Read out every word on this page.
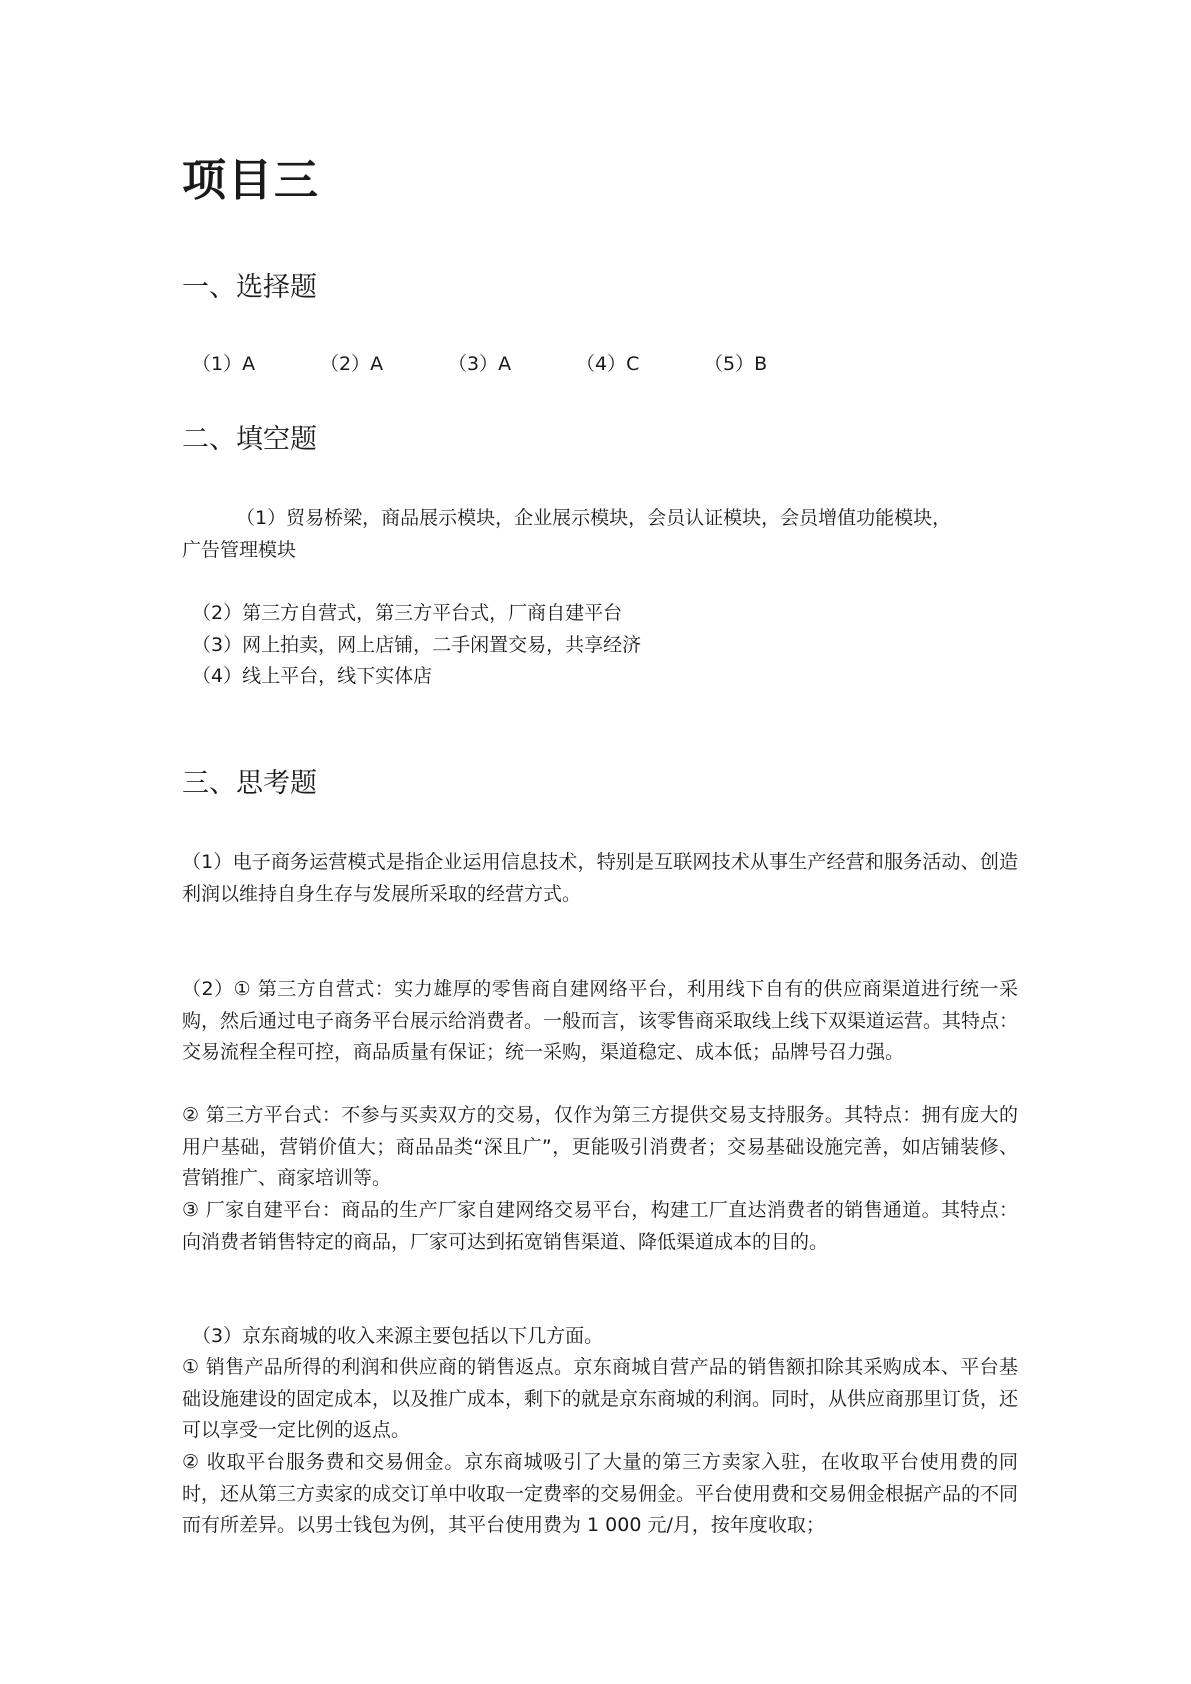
项目三
一、选择题
（1）A	（2）A	（3）A	（4）C	（5）B
二、填空题

（1）贸易桥梁，商品展示模块，企业展示模块，会员认证模块，会员增值功能模块，

广告管理模块

（2）第三方自营式，第三方平台式，厂商自建平台

（3）网上拍卖，网上店铺，二手闲置交易，共享经济

（4）线上平台，线下实体店

三、思考题

（1）电子商务运营模式是指企业运用信息技术，特别是互联网技术从事生产经营和服务活动、创造利润以维持自身生存与发展所采取的经营方式。

（2）① 第三方自营式：实力雄厚的零售商自建网络平台，利用线下自有的供应商渠道进行统一采购，然后通过电子商务平台展示给消费者。一般而言，该零售商采取线上线下双渠道运营。其特点：交易流程全程可控，商品质量有保证；统一采购，渠道稳定、成本低；品牌号召力强。

② 第三方平台式：不参与买卖双方的交易，仅作为第三方提供交易支持服务。其特点：拥有庞大的用户基础，营销价值大；商品品类“深且广”，更能吸引消费者；交易基础设施完善，如店铺装修、营销推广、商家培训等。

③ 厂家自建平台：商品的生产厂家自建网络交易平台，构建工厂直达消费者的销售通道。其特点：向消费者销售特定的商品，厂家可达到拓宽销售渠道、降低渠道成本的目的。

（3）京东商城的收入来源主要包括以下几方面。

① 销售产品所得的利润和供应商的销售返点。京东商城自营产品的销售额扣除其采购成本、平台基础设施建设的固定成本，以及推广成本，剩下的就是京东商城的利润。同时，从供应商那里订货，还可以享受一定比例的返点。

② 收取平台服务费和交易佣金。京东商城吸引了大量的第三方卖家入驻，在收取平台使用费的同时，还从第三方卖家的成交订单中收取一定费率的交易佣金。平台使用费和交易佣金根据产品的不同而有所差异。以男士钱包为例，其平台使用费为 1 000 元/月，按年度收取；
